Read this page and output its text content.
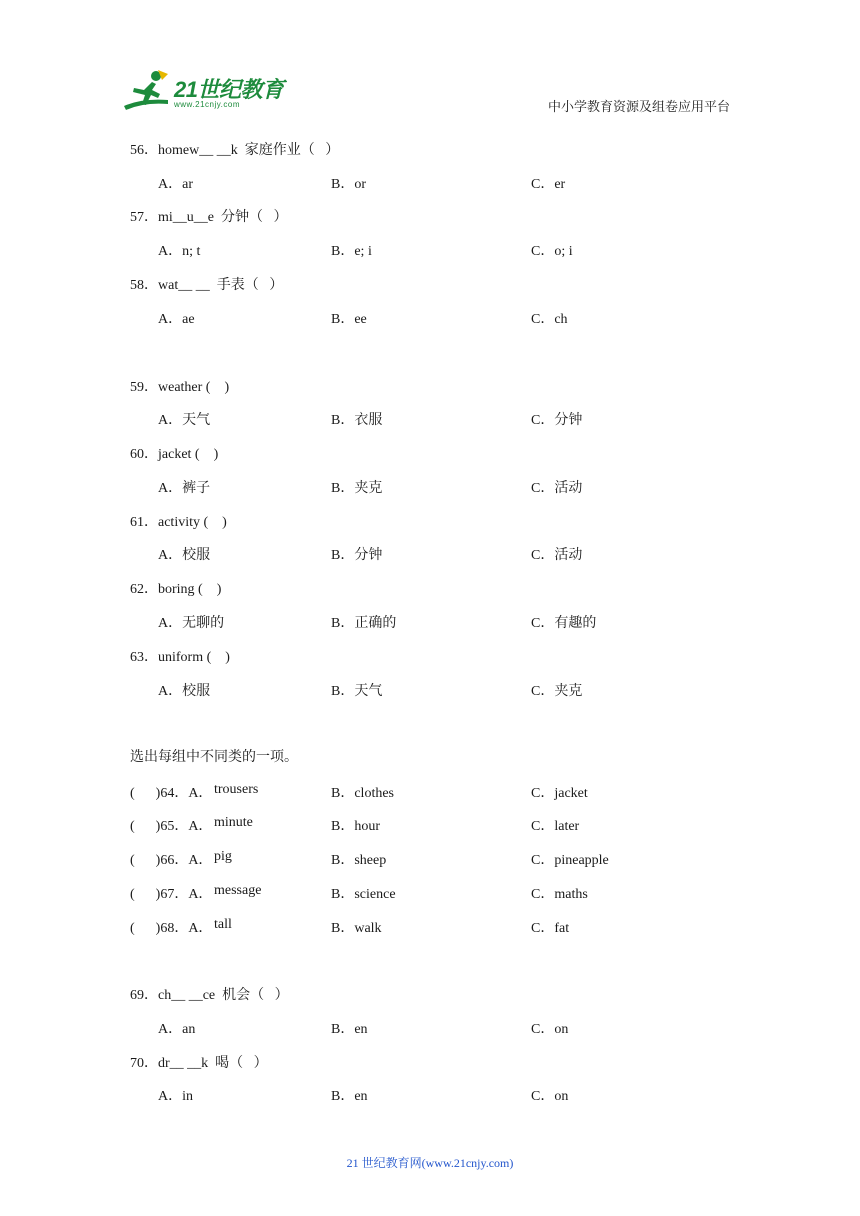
21世纪教育
www.21cnjy.com	中小学教育资源及组卷应用平台
56．homew__ __k  家庭作业（   ）
A．ar	B．or	C．er
57．mi__u__e  分钟（   ）
A．n; t	B．e; i	C．o; i
58．wat__ __  手表（   ）
A．ae	B．ee	C．ch
59．weather (    )
A．天气	B．衣服	C．分钟
60．jacket (    )
A．裤子	B．夹克	C．活动
61．activity (    )
A．校服	B．分钟	C．活动
62．boring (    )
A．无聊的	B．正确的	C．有趣的
63．uniform (    )
A．校服	B．天气	C．夹克
选出每组中不同类的一项。
(      )64．A． trousers	B．clothes	C．jacket
(      )65．A． minute	B．hour	C．later
(      )66．A． pig	B．sheep	C．pineapple
(      )67．A． message	B．science	C．maths
(      )68．A． tall	B．walk	C．fat
69．ch__ __ce  机会（   ）
A．an	B．en	C．on
70．dr__ __k  喝（   ）
A．in	B．en	C．on
21 世纪教育网(www.21cnjy.com)
